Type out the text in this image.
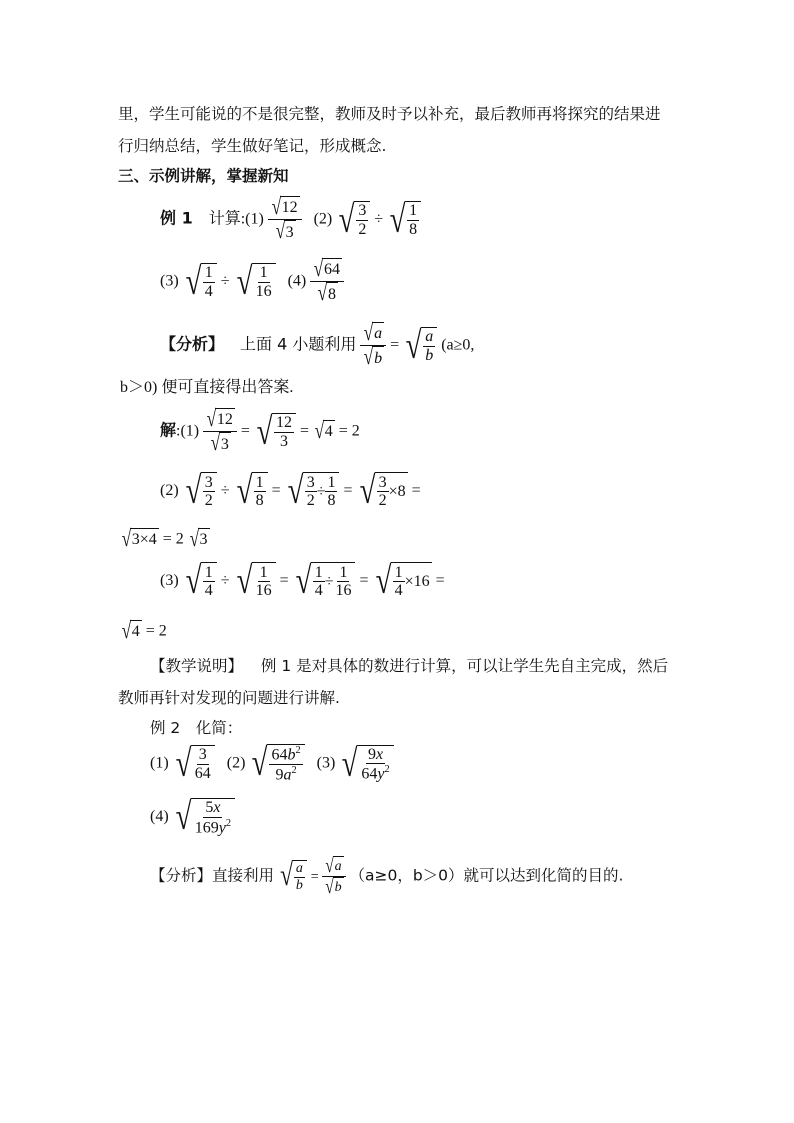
里，学生可能说的不是很完整，教师及时予以补充，最后教师再将探究的结果进
行归纳总结，学生做好笔记，形成概念.
三、示例讲解，掌握新知
例 1 计算:(1) $\frac{√ 12}{√ 3} (2)$ √ $\frac{3}{2}$ ÷ √ $\frac{1}{8}$
(3) √ $\frac{1}{4}$ ÷ √ $\frac{1}{16} (4) \frac{√ 64}{√ 8}$
【分析】 上面 4 小题利用 $\frac{√ a}{√ b}$ = √ $\frac{a}{b} (a\ge 0$,
b＞0) 便可直接得出答案.
解:(1) $\frac{√ 12}{√ 3}$ = √ $\frac{12}{3}$ = √ 4 = 2
(2) √ $\frac{3}{2}$ ÷ √ $\frac{1}{8}$ = √ $\frac{3}{2} \div \frac{1}{8}$ = √ $\frac{3}{2} \times 8$ =
√ 3×4 = 2 √ 3
(3) √ $\frac{1}{4}$ ÷ √ $\frac{1}{16}$ = √ $\frac{1}{4} \div \frac{1}{16}$ = √ $\frac{1}{4} \times 16$ =
√ 4 = 2
【教学说明】 例 1 是对具体的数进行计算，可以让学生先自主完成，然后
教师再针对发现的问题进行讲解.
例 2　化简：
(1) √ $\frac{3}{64} (2)$ √ $\frac{64b^2}{9a^2} (3)$ √ $\frac{9x}{64y^2}$
(4) √ $\frac{5x}{169y^2}$
【分析】直接利用 √ $\frac{a}{b} = \frac{√ a}{√ b} (a\ge 0$，b＞0）就可以达到化简的目的.
